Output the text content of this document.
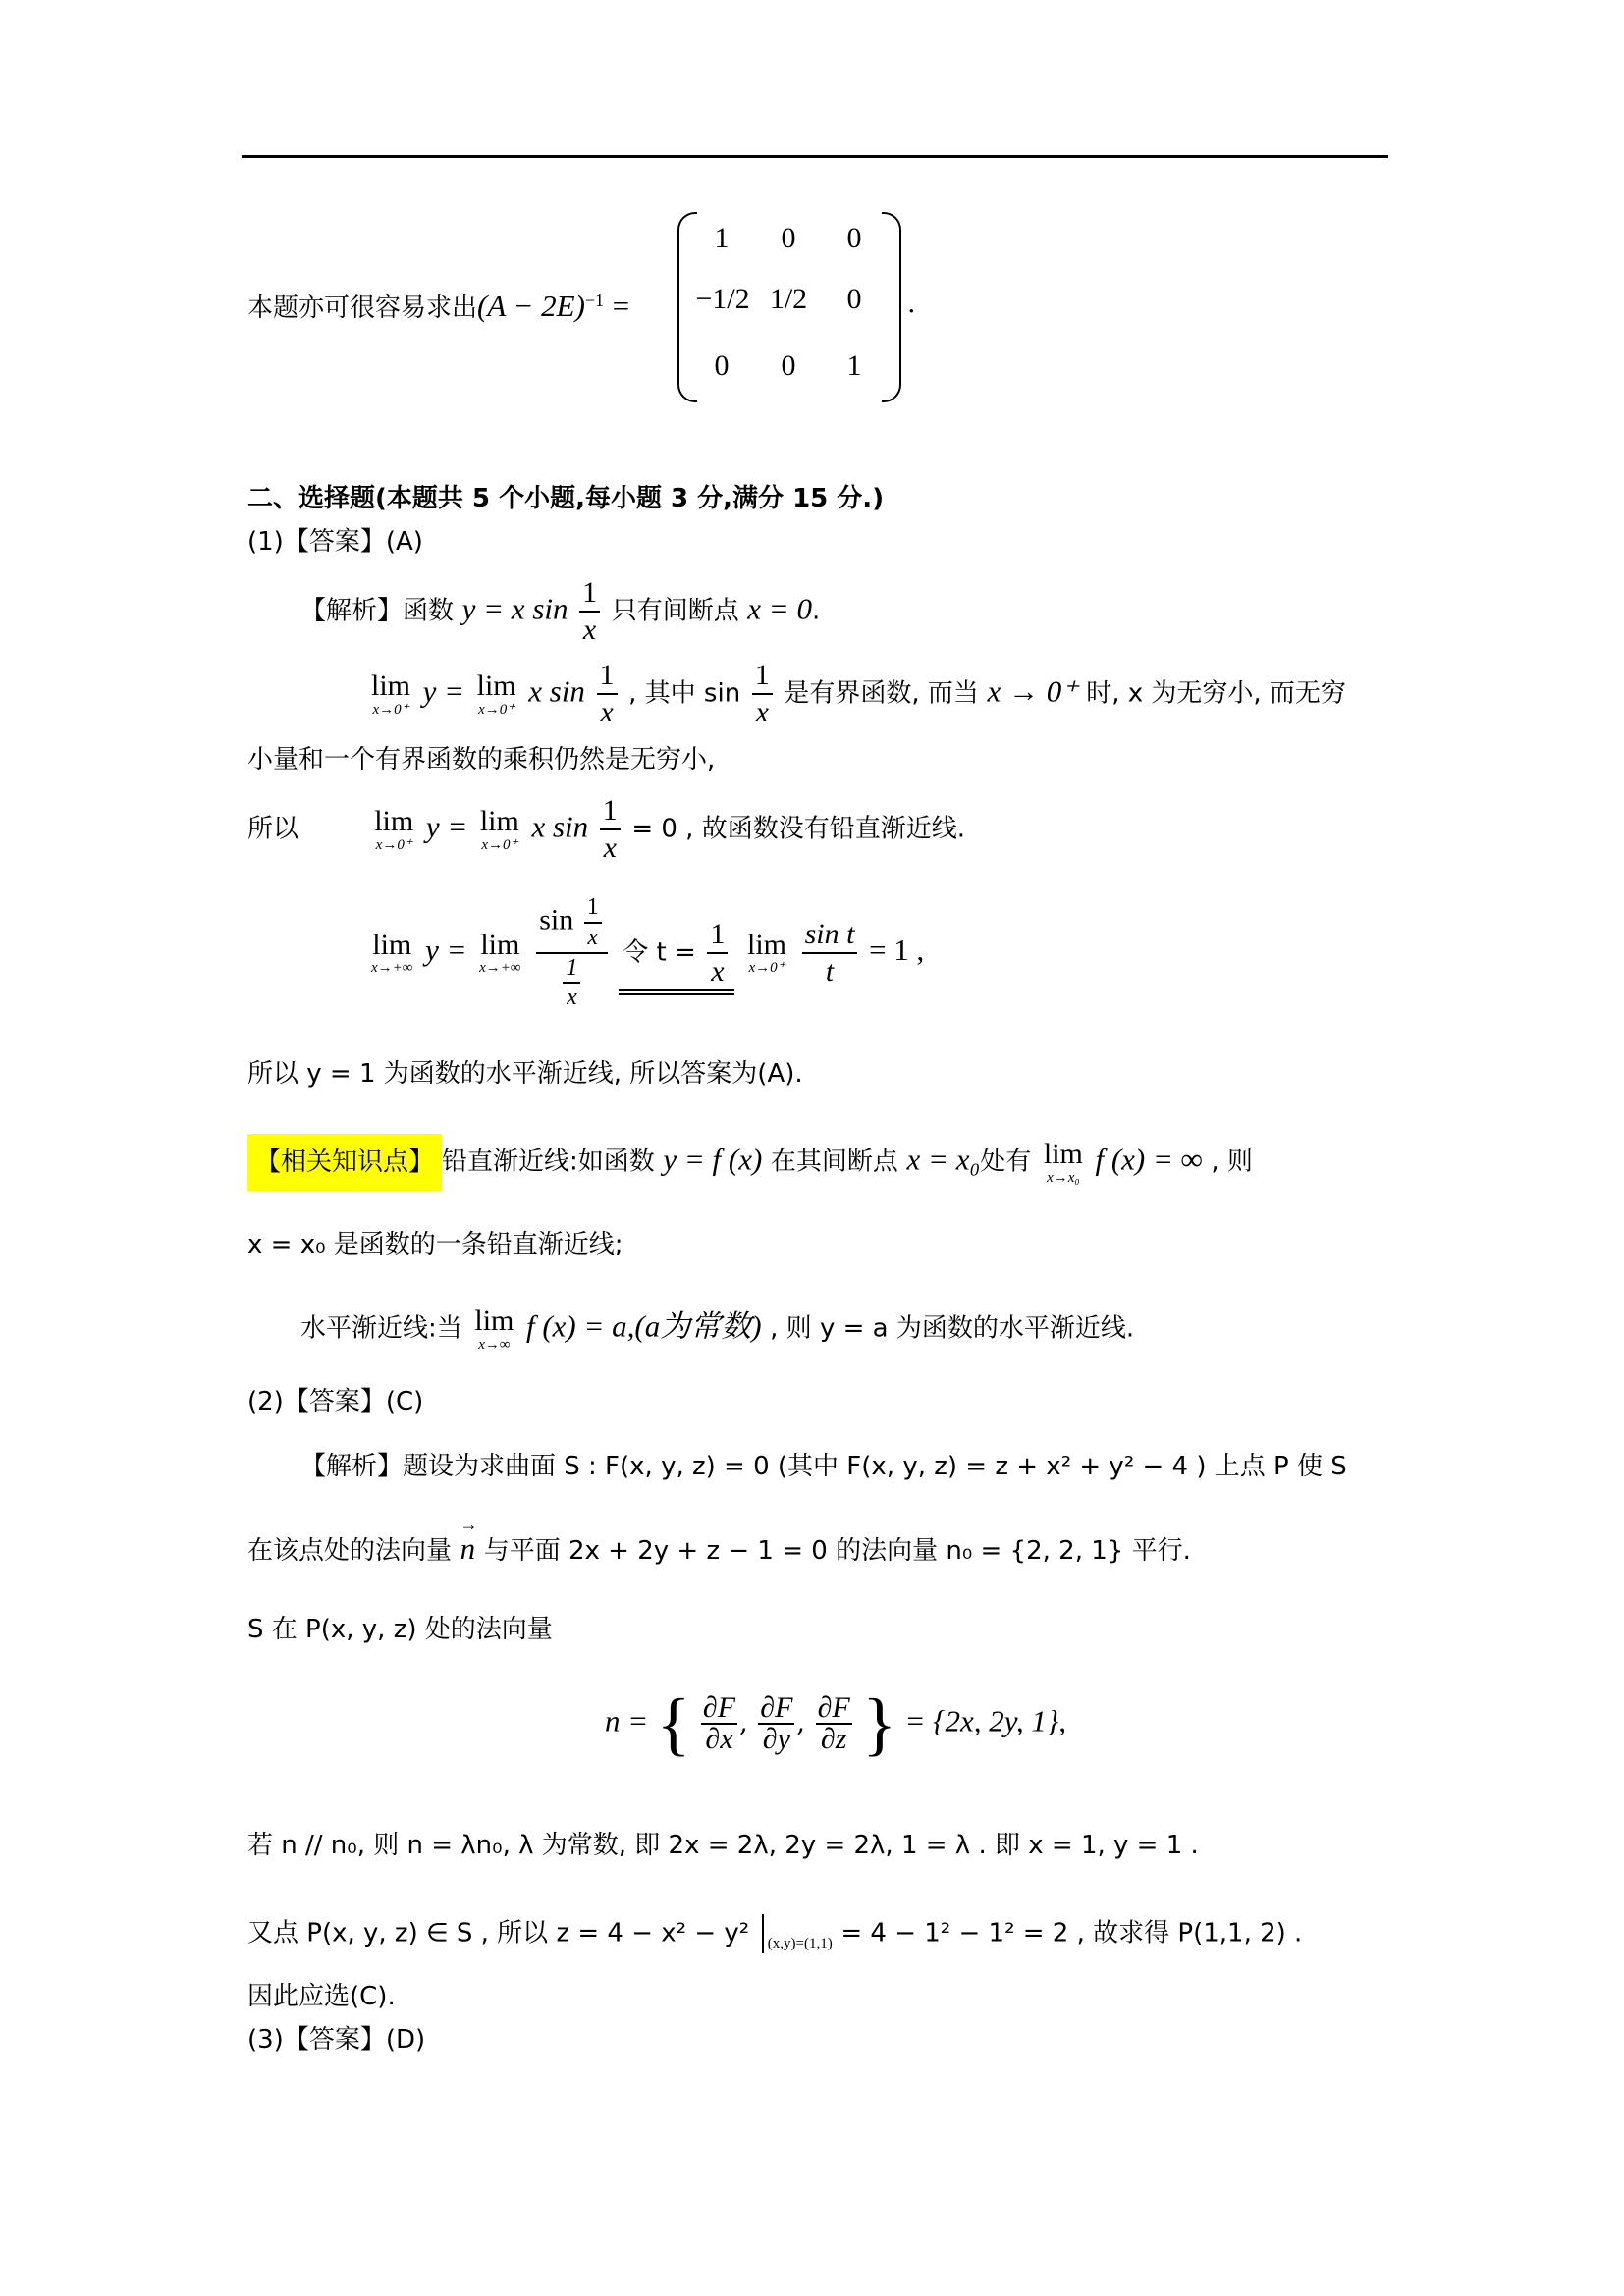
本题亦可很容易求出$(A - 2E)^{-1}$ =
1	0	0
−1/2 1/2	0
0	0	1
.
二、选择题(本题共 5 个小题,每小题 3 分,满分 15 分.)
(1)【答案】(A)
【解析】函数 y = x $\sin \frac{1}{x}$ 只有间断点 x = 0.
lim
x→0⁺
y = lim
x→0⁺
x $\sin \frac{1}{x}$ , 其中 $\sin \frac{1}{x}$ 是有界函数, 而当 x → 0⁺ 时, x 为无穷小, 而无穷
小量和一个有界函数的乘积仍然是无穷小,
所以	lim
x→0⁺
y = lim
x→0⁺
x $\sin \frac{1}{x} = 0$ , 故函数没有铅直渐近线.
lim
x→+∞
y = lim
x→+∞
$\frac{\sin \frac{1}{x}}{\frac{1}{x}}$ 令 $t = \frac{1}{x}$
lim
x→0⁺
$\frac{\text{sin t}}{t} = 1$ ,
所以 y = 1 为函数的水平渐近线, 所以答案为(A).
【相关知识点】 铅直渐近线:如函数 y = f (x) 在其间断点 x = x₀处有 lim
x→x₀
f (x) = ∞ , 则
x = x₀ 是函数的一条铅直渐近线;
水平渐近线:当 lim
x→∞
f (x) = a,(a为常数) , 则 y = a 为函数的水平渐近线.
(2)【答案】(C)
【解析】题设为求曲面 S : F(x, y, z) = 0 (其中 F(x, y, z) = z + x² + y² − 4 ) 上点 P 使 S
在该点处的法向量 → n 与平面 2x + 2y + z − 1 = 0 的法向量 n₀ = {2, 2, 1} 平行.
S 在 P(x, y, z) 处的法向量
n = { $\frac{\partial F}{\partial x}$ , $\frac{\partial F}{\partial y}$ , $\frac{\partial F}{\partial z}$ } = {2x, 2y, 1},
若 n // n₀, 则 n = λn₀, λ 为常数, 即 2x = 2λ, 2y = 2λ, 1 = λ . 即 x = 1, y = 1 .
又点 P(x, y, z) ∈ S , 所以 z = 4 − x² − y² $_{(x,y)=(1,1)}$ = 4 − 1² − 1² = 2 , 故求得 P(1,1, 2) .
因此应选(C).
(3)【答案】(D)
